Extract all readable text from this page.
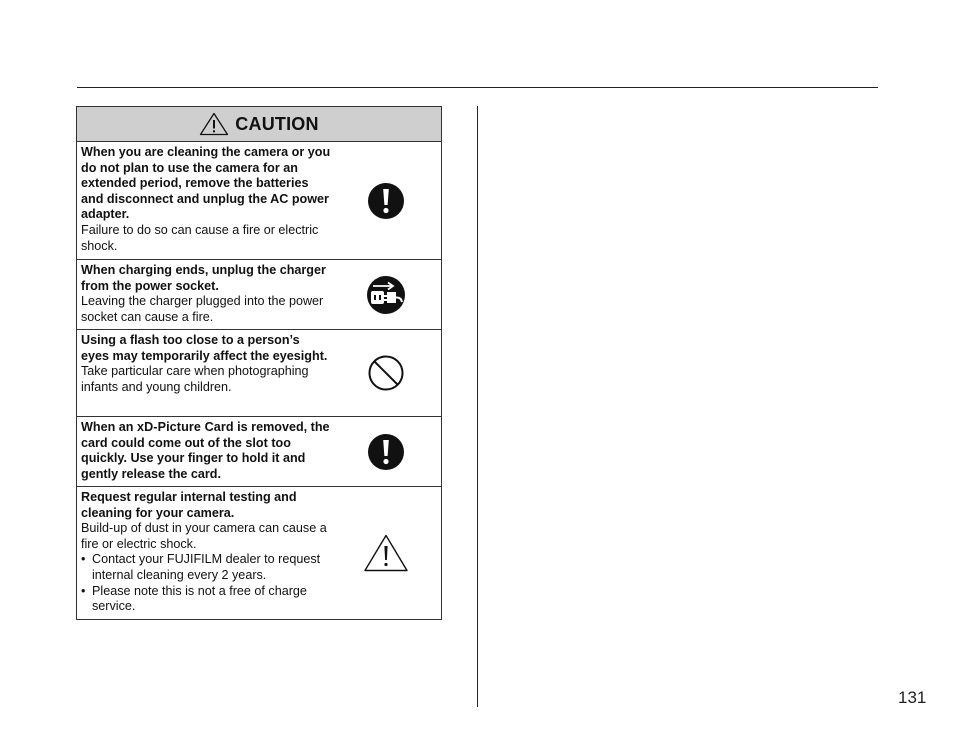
CAUTION
When you are cleaning the camera or you do not plan to use the camera for an extended period, remove the batteries and disconnect and unplug the AC power adapter.
Failure to do so can cause a fire or electric shock.
When charging ends, unplug the charger from the power socket.
Leaving the charger plugged into the power socket can cause a fire.
Using a flash too close to a person’s eyes may temporarily affect the eyesight.
Take particular care when photographing infants and young children.
When an xD-Picture Card is removed, the card could come out of the slot too quickly. Use your finger to hold it and gently release the card.
Request regular internal testing and cleaning for your camera.
Build-up of dust in your camera can cause a fire or electric shock.
• Contact your FUJIFILM dealer to request internal cleaning every 2 years.
• Please note this is not a free of charge service.
131
